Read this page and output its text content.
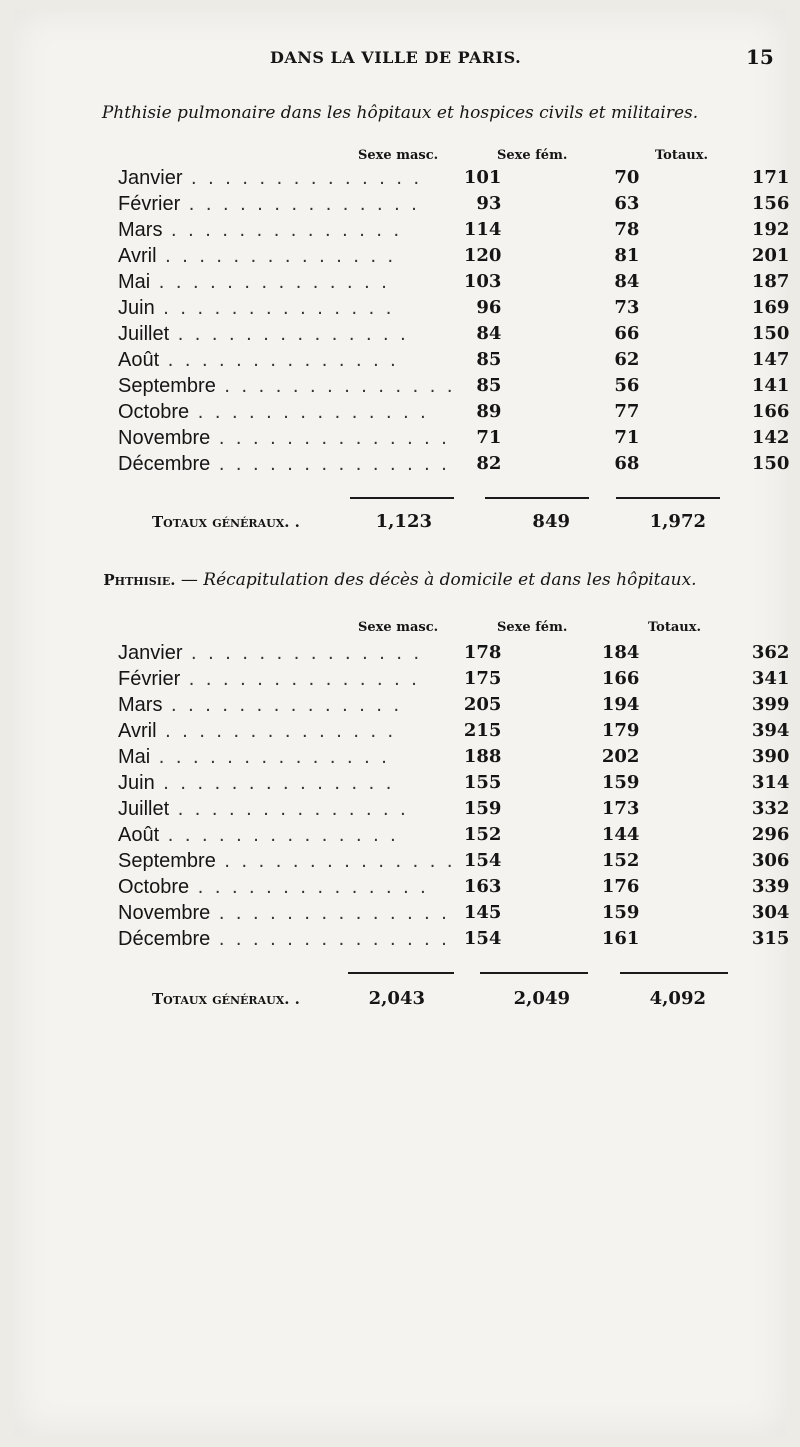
DANS LA VILLE DE PARIS.	15
Phthisie pulmonaire dans les hôpitaux et hospices civils et militaires.
Sexe masc.	Sexe fém.	Totaux.
Janvier . . . . . . . . . . . . . .	101	70	171
Février . . . . . . . . . . . . . .	93	63	156
Mars . . . . . . . . . . . . . .	114	78	192
Avril . . . . . . . . . . . . . .	120	81	201
Mai . . . . . . . . . . . . . .	103	84	187
Juin . . . . . . . . . . . . . .	96	73	169
Juillet . . . . . . . . . . . . . .	84	66	150
Août . . . . . . . . . . . . . .	85	62	147
Septembre . . . . . . . . . . . . . .	85	56	141
Octobre . . . . . . . . . . . . . .	89	77	166
Novembre . . . . . . . . . . . . . .	71	71	142
Décembre . . . . . . . . . . . . . .	82	68	150
Totaux généraux. .	1,123	849	1,972
Phthisie. — Récapitulation des décès à domicile et dans les hôpitaux.
Sexe masc.	Sexe fém.	Totaux.
Janvier . . . . . . . . . . . . . .	178	184	362
Février . . . . . . . . . . . . . .	175	166	341
Mars . . . . . . . . . . . . . .	205	194	399
Avril . . . . . . . . . . . . . .	215	179	394
Mai . . . . . . . . . . . . . .	188	202	390
Juin . . . . . . . . . . . . . .	155	159	314
Juillet . . . . . . . . . . . . . .	159	173	332
Août . . . . . . . . . . . . . .	152	144	296
Septembre . . . . . . . . . . . . . .	154	152	306
Octobre . . . . . . . . . . . . . .	163	176	339
Novembre . . . . . . . . . . . . . .	145	159	304
Décembre . . . . . . . . . . . . . .	154	161	315
Totaux généraux. .	2,043	2,049	4,092
